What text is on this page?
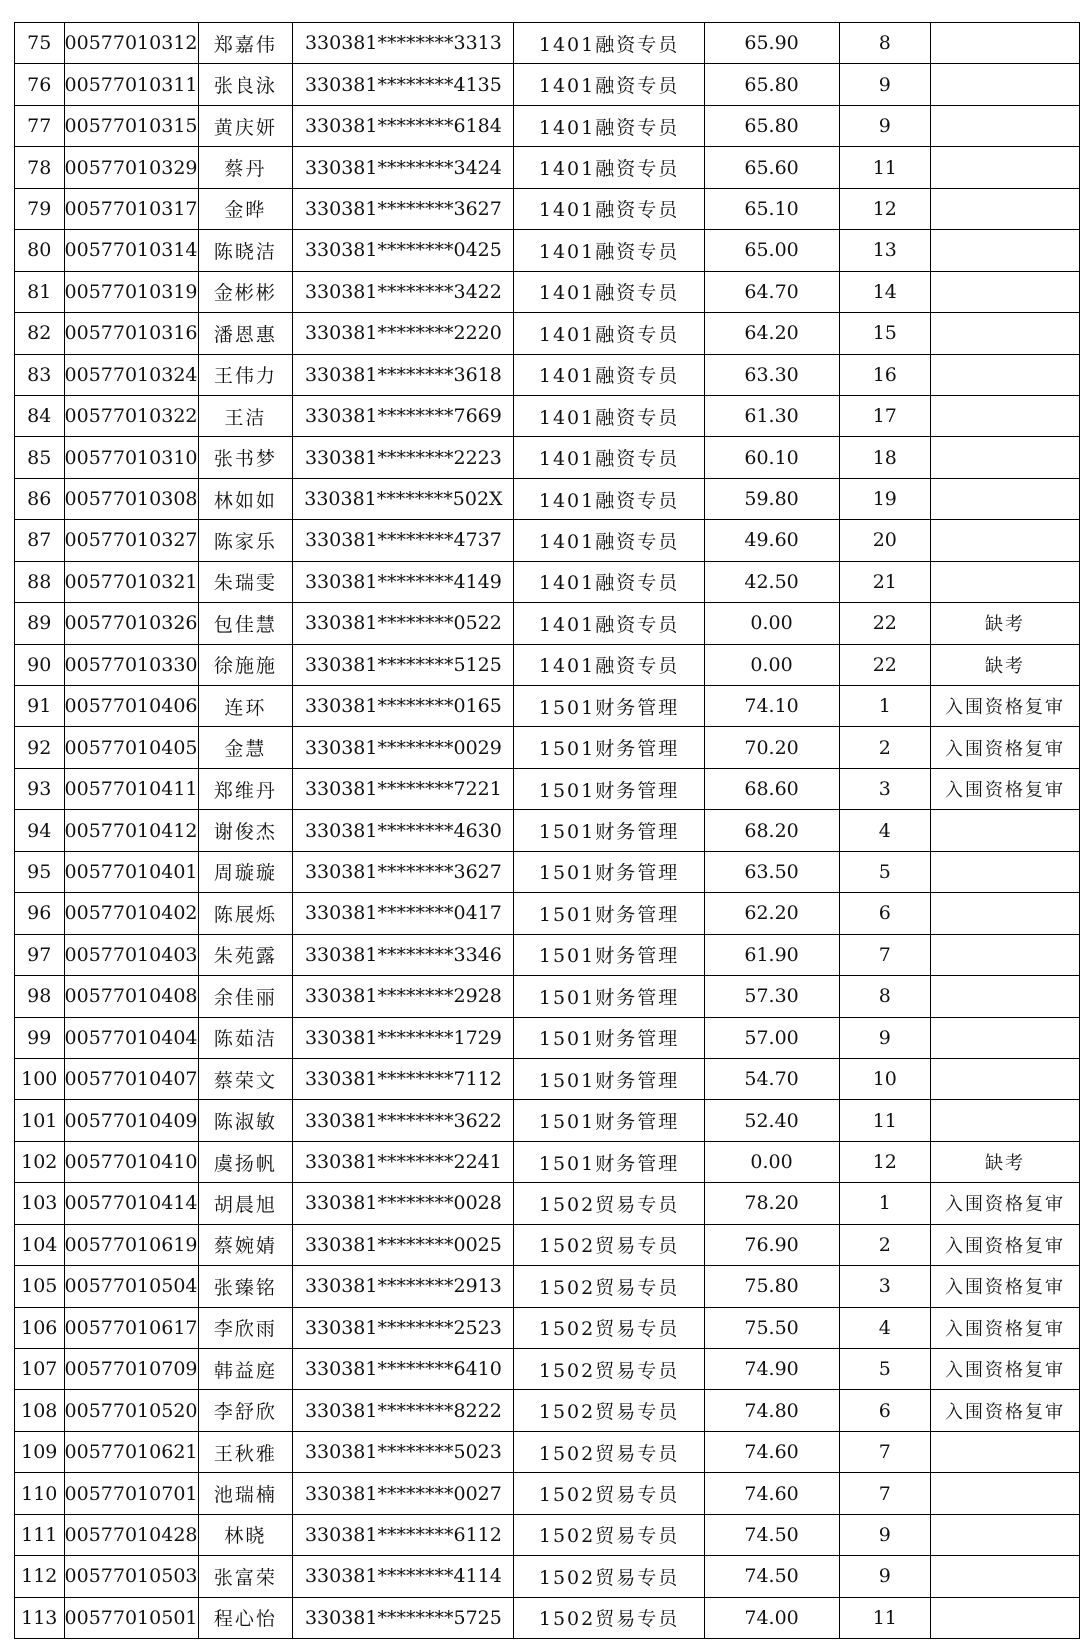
75	00577010312	郑嘉伟	330381********3313	1401融资专员	65.90	8	
76	00577010311	张良泳	330381********4135	1401融资专员	65.80	9	
77	00577010315	黄庆妍	330381********6184	1401融资专员	65.80	9	
78	00577010329	蔡丹	330381********3424	1401融资专员	65.60	11	
79	00577010317	金晔	330381********3627	1401融资专员	65.10	12	
80	00577010314	陈晓洁	330381********0425	1401融资专员	65.00	13	
81	00577010319	金彬彬	330381********3422	1401融资专员	64.70	14	
82	00577010316	潘恩惠	330381********2220	1401融资专员	64.20	15	
83	00577010324	王伟力	330381********3618	1401融资专员	63.30	16	
84	00577010322	王洁	330381********7669	1401融资专员	61.30	17	
85	00577010310	张书梦	330381********2223	1401融资专员	60.10	18	
86	00577010308	林如如	330381********502X	1401融资专员	59.80	19	
87	00577010327	陈家乐	330381********4737	1401融资专员	49.60	20	
88	00577010321	朱瑞雯	330381********4149	1401融资专员	42.50	21	
89	00577010326	包佳慧	330381********0522	1401融资专员	0.00	22	缺考
90	00577010330	徐施施	330381********5125	1401融资专员	0.00	22	缺考
91	00577010406	连环	330381********0165	1501财务管理	74.10	1	入围资格复审
92	00577010405	金慧	330381********0029	1501财务管理	70.20	2	入围资格复审
93	00577010411	郑维丹	330381********7221	1501财务管理	68.60	3	入围资格复审
94	00577010412	谢俊杰	330381********4630	1501财务管理	68.20	4	
95	00577010401	周璇璇	330381********3627	1501财务管理	63.50	5	
96	00577010402	陈展烁	330381********0417	1501财务管理	62.20	6	
97	00577010403	朱苑露	330381********3346	1501财务管理	61.90	7	
98	00577010408	余佳丽	330381********2928	1501财务管理	57.30	8	
99	00577010404	陈茹洁	330381********1729	1501财务管理	57.00	9	
100	00577010407	蔡荣文	330381********7112	1501财务管理	54.70	10	
101	00577010409	陈淑敏	330381********3622	1501财务管理	52.40	11	
102	00577010410	虞扬帆	330381********2241	1501财务管理	0.00	12	缺考
103	00577010414	胡晨旭	330381********0028	1502贸易专员	78.20	1	入围资格复审
104	00577010619	蔡婉婧	330381********0025	1502贸易专员	76.90	2	入围资格复审
105	00577010504	张臻铭	330381********2913	1502贸易专员	75.80	3	入围资格复审
106	00577010617	李欣雨	330381********2523	1502贸易专员	75.50	4	入围资格复审
107	00577010709	韩益庭	330381********6410	1502贸易专员	74.90	5	入围资格复审
108	00577010520	李舒欣	330381********8222	1502贸易专员	74.80	6	入围资格复审
109	00577010621	王秋雅	330381********5023	1502贸易专员	74.60	7	
110	00577010701	池瑞楠	330381********0027	1502贸易专员	74.60	7	
111	00577010428	林晓	330381********6112	1502贸易专员	74.50	9	
112	00577010503	张富荣	330381********4114	1502贸易专员	74.50	9	
113	00577010501	程心怡	330381********5725	1502贸易专员	74.00	11	
